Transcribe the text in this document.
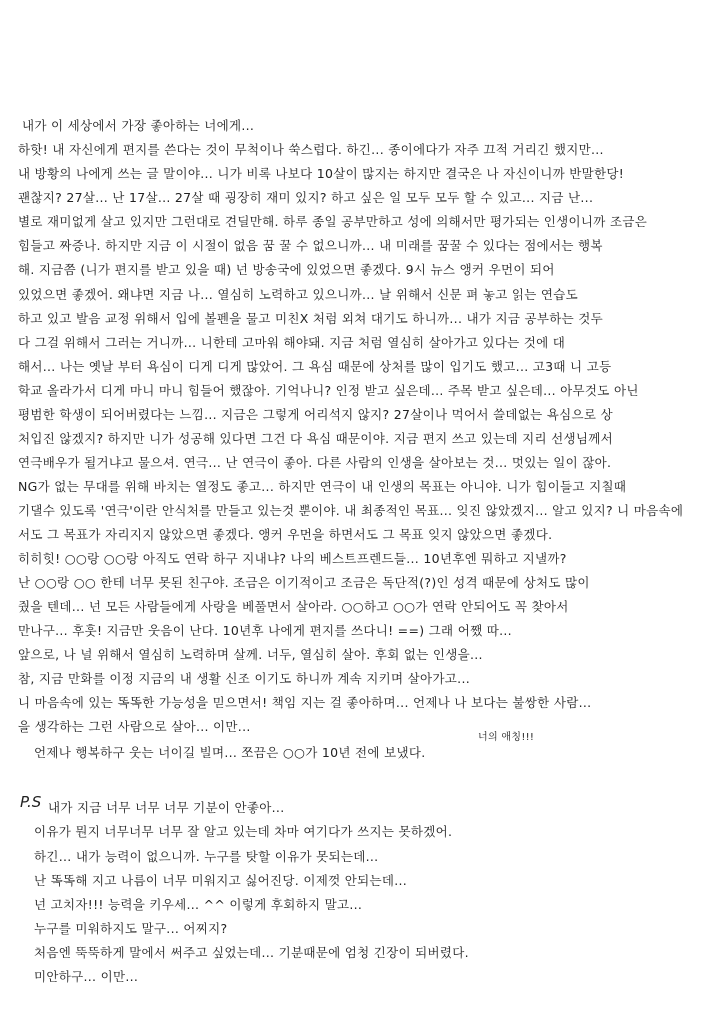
내가 이 세상에서 가장 좋아하는 너에게...
하핫! 내 자신에게 편지를 쓴다는 것이 무척이나 쑥스럽다. 하긴... 종이에다가 자주 끄적 거리긴 했지만...
내 방황의 나에게 쓰는 글 말이야... 니가 비록 나보다 10살이 많지는 하지만 결국은 나 자신이니까 반말한당!
괜찮지? 27살... 난 17살... 27살 때 굉장히 재미 있지? 하고 싶은 일 모두 모두 할 수 있고... 지금 난...
별로 재미없게 살고 있지만 그런대로 견딜만해. 하루 종일 공부만하고 성에 의해서만 평가되는 인생이니까 조금은
힘들고 짜증나. 하지만 지금 이 시절이 없음 꿈 꿀 수 없으니까... 내 미래를 꿈꿀 수 있다는 점에서는 행복
해. 지금쯤 (니가 편지를 받고 있을 때) 넌 방송국에 있었으면 좋겠다. 9시 뉴스 앵커 우먼이 되어
있었으면 좋겠어. 왜냐면 지금 나... 열심히 노력하고 있으니까... 날 위해서 신문 펴 놓고 읽는 연습도
하고 있고 발음 교정 위해서 입에 볼펜을 물고 미친X 처럼 외쳐 대기도 하니까... 내가 지금 공부하는 것두
다 그걸 위해서 그러는 거니까... 니한테 고마워 해야돼. 지금 처럼 열심히 살아가고 있다는 것에 대
해서... 나는 옛날 부터 욕심이 디게 디게 많았어. 그 욕심 때문에 상처를 많이 입기도 했고... 고3때 니 고등
학교 올라가서 디게 마니 마니 힘들어 했잖아. 기억나니? 인정 받고 싶은데... 주목 받고 싶은데... 아무것도 아닌
평범한 학생이 되어버렸다는 느낌... 지금은 그렇게 어리석지 않지? 27살이나 먹어서 쓸데없는 욕심으로 상
처입진 않겠지? 하지만 니가 성공해 있다면 그건 다 욕심 때문이야. 지금 편지 쓰고 있는데 지리 선생님께서
연극배우가 될거냐고 물으셔. 연극... 난 연극이 좋아. 다른 사람의 인생을 살아보는 것... 멋있는 일이 잖아.
NG가 없는 무대를 위해 바치는 열정도 좋고... 하지만 연극이 내 인생의 목표는 아니야. 니가 힘이들고 지칠때
기댈수 있도록 '연극'이란 안식처를 만들고 있는것 뿐이야. 내 최종적인 목표... 잊진 않았겠지... 알고 있지? 니 마음속에
서도 그 목표가 자리지지 않았으면 좋겠다. 앵커 우먼을 하면서도 그 목표 잊지 않았으면 좋겠다.
히히힛! ○○랑 ○○랑 아직도 연락 하구 지내냐? 나의 베스트프렌드들... 10년후엔 뭐하고 지낼까?
난 ○○랑 ○○ 한테 너무 못된 친구야. 조금은 이기적이고 조금은 독단적(?)인 성격 때문에 상처도 많이
줬을 텐데... 넌 모든 사람들에게 사랑을 베풀면서 살아라. ○○하고 ○○가 연락 안되어도 꼭 찾아서
만나구... 후훗! 지금만 웃음이 난다. 10년후 나에게 편지를 쓰다니! ==) 그래 어쨌 따...
앞으로, 나 널 위해서 열심히 노력하며 살께. 너두, 열심히 살아. 후회 없는 인생을...
참, 지금 만화를 이정 지금의 내 생활 신조 이기도 하니까 계속 지키며 살아가고...
니 마음속에 있는 똑똑한 가능성을 믿으면서! 책임 지는 걸 좋아하며... 언제나 나 보다는 불쌍한 사람...
을 생각하는 그런 사람으로 살아... 이만...
너의 애칭!!!
언제나 행복하구 웃는 너이길 빌며... 쪼끔은 ○○가 10년 전에 보냈다.
P.S 내가 지금 너무 너무 너무 기분이 안좋아...
이유가 뭔지 너무너무 너무 잘 알고 있는데 차마 여기다가 쓰지는 못하겠어.
하긴... 내가 능력이 없으니까. 누구를 탓할 이유가 못되는데...
난 똑똑해 지고 나름이 너무 미워지고 싫어진당. 이제껏 안되는데...
넌 고치자!!! 능력을 키우세... ^^ 이렇게 후회하지 말고...
누구를 미워하지도 말구... 어찌지?
처음엔 뚝뚝하게 말에서 써주고 싶었는데... 기분때문에 엄청 긴장이 되버렸다.
미안하구... 이만...
